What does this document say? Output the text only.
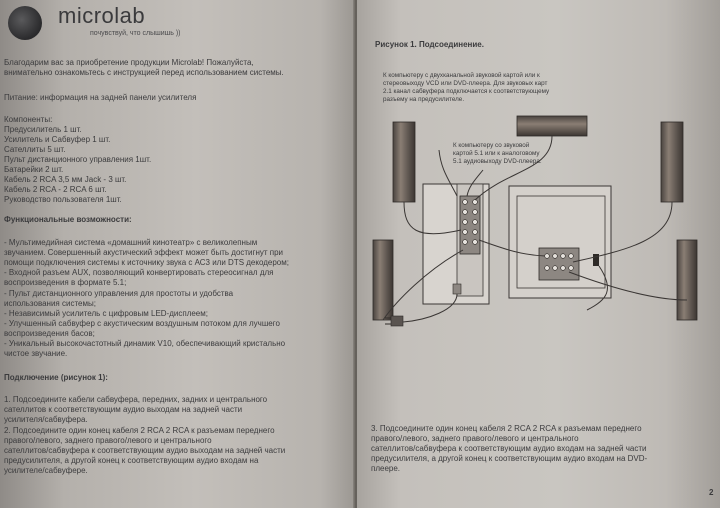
microlab
почувствуй, что слышишь ))
Благодарим вас за приобретение продукции Microlab! Пожалуйста,
внимательно ознакомьтесь с инструкцией перед использованием системы.
Питание: информация на задней панели усилителя
Компоненты:
Предусилитель 1 шт.
Усилитель и Сабвуфер 1 шт.
Сателлиты 5 шт.
Пульт дистанционного управления 1шт.
Батарейки 2 шт.
Кабель 2 RCA 3,5 мм Jack - 3 шт.
Кабель 2 RCA - 2 RCA 6 шт.
Руководство пользователя 1шт.
Функциональные возможности:
- Мультимедийная система «домашний кинотеатр» с великолепным
звучанием. Совершенный акустический эффект может быть достигнут при
помощи подключения системы к источнику звука с АС3 или DTS декодером;
- Входной разъем AUX, позволяющий конвертировать стереосигнал для
воспроизведения в формате 5.1;
- Пульт дистанционного управления для простоты и удобства
использования системы;
- Независимый усилитель с цифровым LED-дисплеем;
- Улучшенный сабвуфер с акустическим воздушным потоком для лучшего
воспроизведения басов;
- Уникальный высокочастотный динамик V10, обеспечивающий кристально
чистое звучание.
Подключение (рисунок 1):
1. Подсоедините кабели сабвуфера, передних, задних и центрального
сателлитов к соответствующим аудио выходам на задней части
усилителя/сабвуфера.
2. Подсоедините один конец кабеля 2 RCA 2 RCA к разъемам переднего
правого/левого, заднего правого/левого и центрального
сателлитов/сабвуфера к соответствующим аудио выходам на задней части
предусилителя, а другой конец к соответствующим аудио входам на
усилителе/сабвуфере.
Рисунок 1. Подсоединение.
К компьютеру с двухканальной звуковой картой или к
стереовыходу VCD или DVD-плеера. Для звуковых карт
2.1 канал сабвуфера подключается к соответствующему
разъему на предусилителе.
К компьютеру со звуковой
картой 5.1 или к аналоговому
5.1 аудиовыходу DVD-плеера.
3. Подсоедините один конец кабеля 2 RCA 2 RCA к разъемам переднего
правого/левого, заднего правого/левого и центрального
сателлитов/сабвуфера к соответствующим аудио входам на задней части
предусилителя, а другой конец к соответствующим аудио входам на DVD-
плеере.
2
